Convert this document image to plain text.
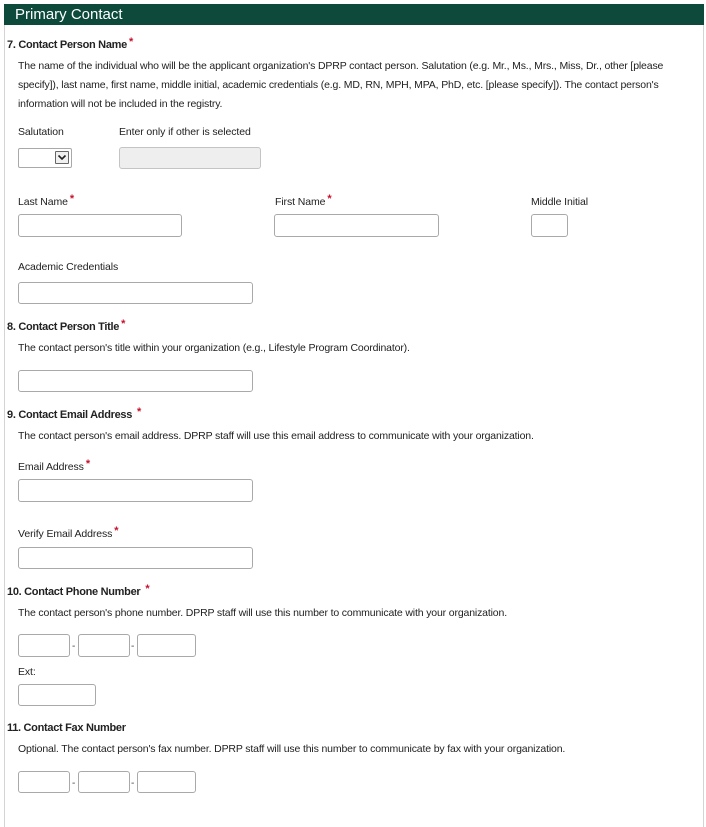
Primary Contact
7. Contact Person Name *
The name of the individual who will be the applicant organization's DPRP contact person. Salutation (e.g. Mr., Ms., Mrs., Miss, Dr., other [please specify]), last name, first name, middle initial, academic credentials (e.g. MD, RN, MPH, MPA, PhD, etc. [please specify]). The contact person's information will not be included in the registry.
Salutation	Enter only if other is selected
Last Name *	First Name *	Middle Initial
Academic Credentials
8. Contact Person Title *
The contact person's title within your organization (e.g., Lifestyle Program Coordinator).
9. Contact Email Address *
The contact person's email address. DPRP staff will use this email address to communicate with your organization.
Email Address *
Verify Email Address *
10. Contact Phone Number *
The contact person's phone number. DPRP staff will use this number to communicate with your organization.
-	-
Ext:
11. Contact Fax Number
Optional. The contact person's fax number. DPRP staff will use this number to communicate by fax with your organization.
-	-
